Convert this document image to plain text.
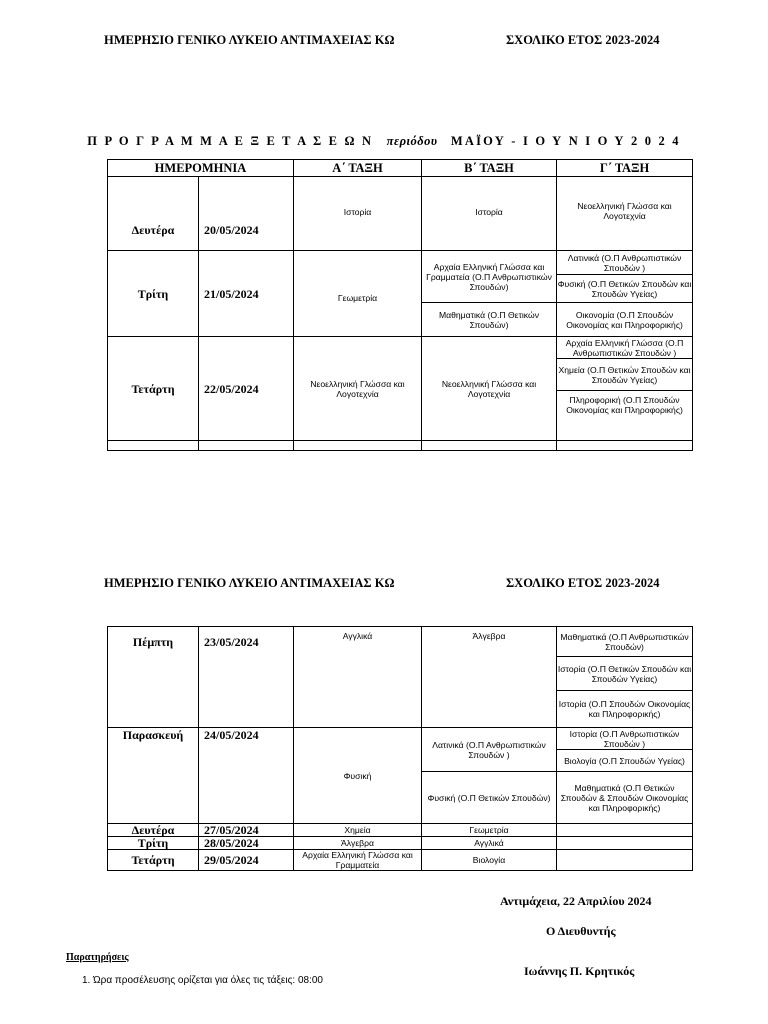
ΗΜΕΡΗΣΙΟ ΓΕΝΙΚΟ ΛΥΚΕΙΟ ΑΝΤΙΜΑΧΕΙΑΣ ΚΩ	ΣΧΟΛΙΚΟ ΕΤΟΣ 2023-2024
Π Ρ Ο Γ Ρ Α Μ Μ Α Ε Ξ Ε Τ Α Σ Ε Ω Ν περιόδου ΜΑΪΟΥ - Ι Ο Υ Ν Ι Ο Υ 2 0 2 4
ΗΜΕΡΟΜΗΝΙΑ		Α΄ ΤΑΞΗ	Β΄ ΤΑΞΗ	Γ΄ ΤΑΞΗ
Δευτέρα	20/05/2024	Ιστορία	Ιστορία	Νεοελληνική Γλώσσα και Λογοτεχνία
Τρίτη	21/05/2024	Γεωμετρία	Αρχαία Ελληνική Γλώσσα και Γραμματεία (Ο.Π Ανθρωπιστικών Σπουδών)	Λατινικά (Ο.Π Ανθρωπιστικών Σπουδών )
				Φυσική (Ο.Π Θετικών Σπουδών και Σπουδών Υγείας)
			Μαθηματικά (Ο.Π Θετικών Σπουδών)	Οικονομία (Ο.Π Σπουδών Οικονομίας και Πληροφορικής)
Τετάρτη	22/05/2024	Νεοελληνική Γλώσσα και Λογοτεχνία	Νεοελληνική Γλώσσα και Λογοτεχνία	Αρχαία Ελληνική Γλώσσα (Ο.Π Ανθρωπιστικών Σπουδών )
				Χημεία (Ο.Π Θετικών Σπουδών και Σπουδών Υγείας)
				Πληροφορική (Ο.Π Σπουδών Οικονομίας και Πληροφορικής)

ΗΜΕΡΗΣΙΟ ΓΕΝΙΚΟ ΛΥΚΕΙΟ ΑΝΤΙΜΑΧΕΙΑΣ ΚΩ	ΣΧΟΛΙΚΟ ΕΤΟΣ 2023-2024
Πέμπτη	23/05/2024	Αγγλικά	Άλγεβρα	Μαθηματικά (Ο.Π Ανθρωπιστικών Σπουδών)
				Ιστορία (Ο.Π Θετικών Σπουδών και Σπουδών Υγείας)
				Ιστορία (Ο.Π Σπουδών Οικονομίας και Πληροφορικής)
Παρασκευή	24/05/2024	Φυσική	Λατινικά (Ο.Π Ανθρωπιστικών Σπουδών )	Ιστορία (Ο.Π Ανθρωπιστικών Σπουδών )
				Βιολογία (Ο.Π Σπουδών Υγείας)
			Φυσική (Ο.Π Θετικών Σπουδών)	Μαθηματικά (Ο.Π Θετικών Σπουδών & Σπουδών Οικονομίας και Πληροφορικής)

Δευτέρα	27/05/2024	Χημεία	Γεωμετρία	
Τρίτη	28/05/2024	Άλγεβρα	Αγγλικά	
Τετάρτη	29/05/2024	Αρχαία Ελληνική Γλώσσα και Γραμματεία	Βιολογία	
Αντιμάχεια, 22 Απριλίου 2024
Ο Διευθυντής
Ιωάννης Π. Κρητικός
Παρατηρήσεις
1. Ώρα προσέλευσης ορίζεται για όλες τις τάξεις: 08:00
